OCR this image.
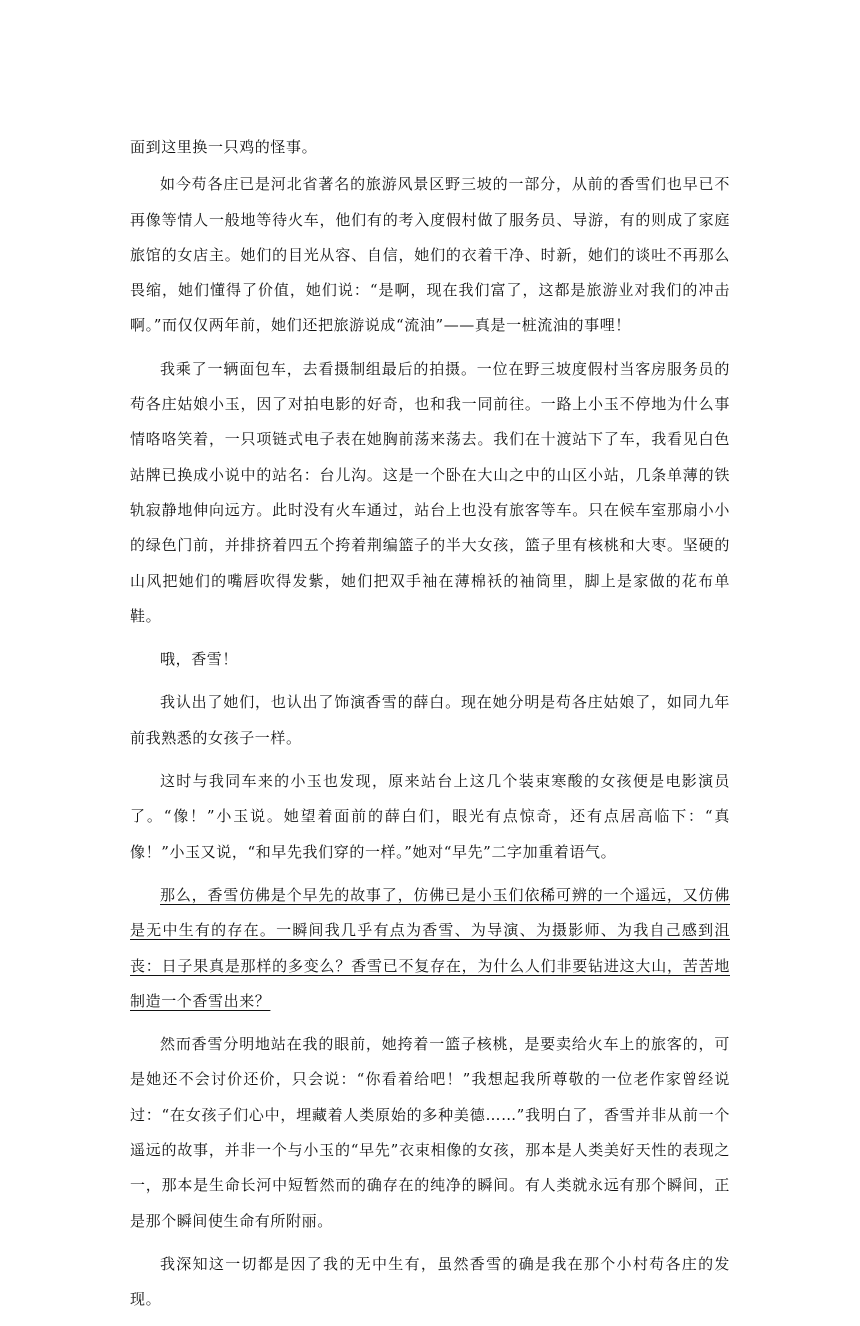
面到这里换一只鸡的怪事。

如今苟各庄已是河北省著名的旅游风景区野三坡的一部分，从前的香雪们也早已不再像等情人一般地等待火车，他们有的考入度假村做了服务员、导游，有的则成了家庭旅馆的女店主。她们的目光从容、自信，她们的衣着干净、时新，她们的谈吐不再那么畏缩，她们懂得了价值，她们说：“是啊，现在我们富了，这都是旅游业对我们的冲击啊。”而仅仅两年前，她们还把旅游说成“流油”——真是一桩流油的事哩！

我乘了一辆面包车，去看摄制组最后的拍摄。一位在野三坡度假村当客房服务员的苟各庄姑娘小玉，因了对拍电影的好奇，也和我一同前往。一路上小玉不停地为什么事情咯咯笑着，一只项链式电子表在她胸前荡来荡去。我们在十渡站下了车，我看见白色站牌已换成小说中的站名：台儿沟。这是一个卧在大山之中的山区小站，几条单薄的铁轨寂静地伸向远方。此时没有火车通过，站台上也没有旅客等车。只在候车室那扇小小的绿色门前，并排挤着四五个挎着荆编篮子的半大女孩，篮子里有核桃和大枣。坚硬的山风把她们的嘴唇吹得发紫，她们把双手袖在薄棉袄的袖筒里，脚上是家做的花布单鞋。

哦，香雪！

我认出了她们，也认出了饰演香雪的薛白。现在她分明是苟各庄姑娘了，如同九年前我熟悉的女孩子一样。

这时与我同车来的小玉也发现，原来站台上这几个装束寒酸的女孩便是电影演员了。“像！”小玉说。她望着面前的薛白们，眼光有点惊奇，还有点居高临下：“真像！”小玉又说，“和早先我们穿的一样。”她对“早先”二字加重着语气。

那么，香雪仿佛是个早先的故事了，仿佛已是小玉们依稀可辨的一个遥远，又仿佛是无中生有的存在。一瞬间我几乎有点为香雪、为导演、为摄影师、为我自己感到沮丧：日子果真是那样的多变么？香雪已不复存在，为什么人们非要钻进这大山，苦苦地制造一个香雪出来？

然而香雪分明地站在我的眼前，她挎着一篮子核桃，是要卖给火车上的旅客的，可是她还不会讨价还价，只会说：“你看着给吧！”我想起我所尊敬的一位老作家曾经说过：“在女孩子们心中，埋藏着人类原始的多种美德……”我明白了，香雪并非从前一个遥远的故事，并非一个与小玉的“早先”衣束相像的女孩，那本是人类美好天性的表现之一，那本是生命长河中短暂然而的确存在的纯净的瞬间。有人类就永远有那个瞬间，正是那个瞬间使生命有所附丽。

我深知这一切都是因了我的无中生有，虽然香雪的确是我在那个小村苟各庄的发现。
